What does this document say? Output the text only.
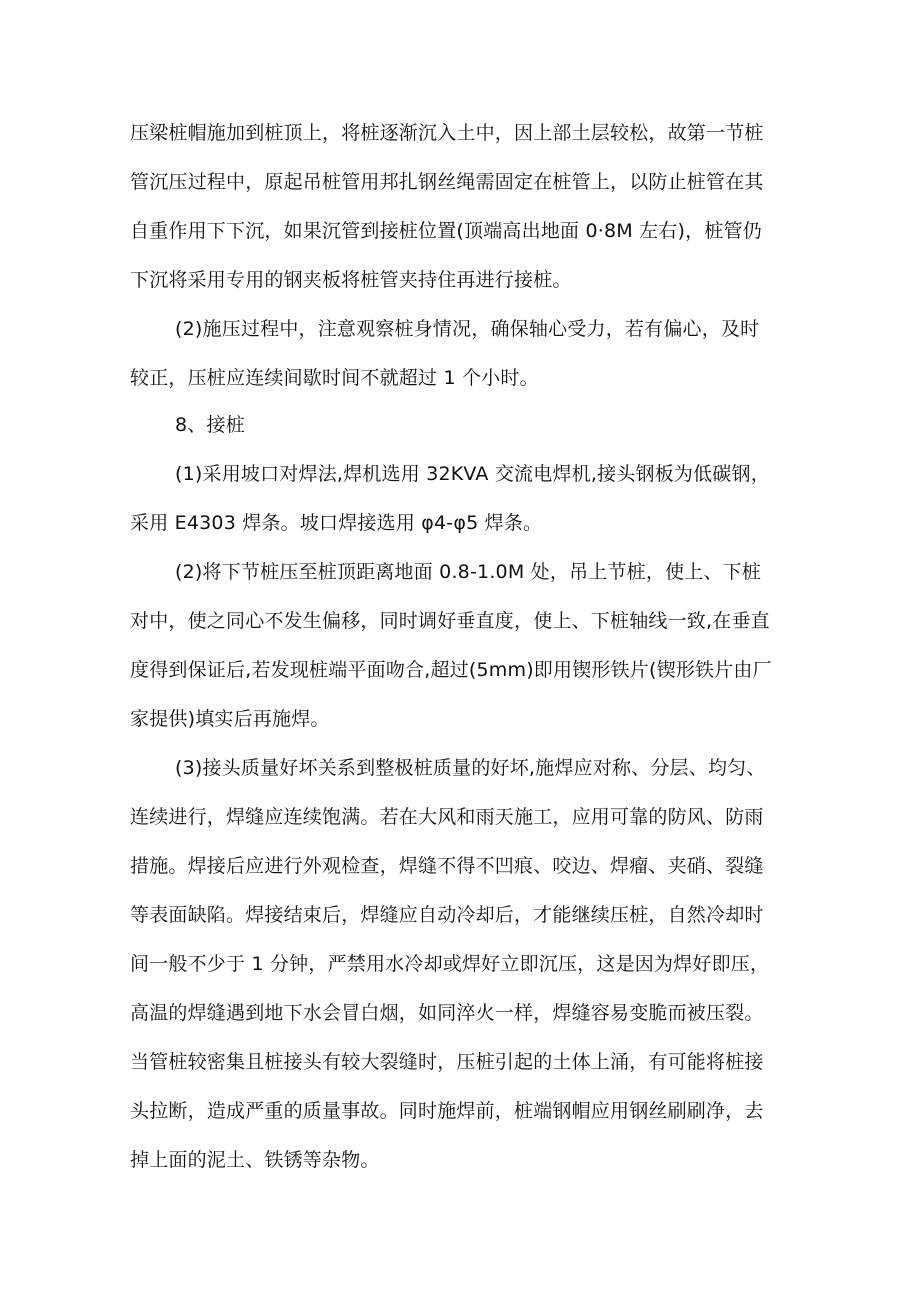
压梁桩帽施加到桩顶上，将桩逐渐沉入土中，因上部土层较松，故第一节桩
管沉压过程中，原起吊桩管用邦扎钢丝绳需固定在桩管上，以防止桩管在其
自重作用下下沉，如果沉管到接桩位置(顶端高出地面 0·8M 左右)，桩管仍
下沉将采用专用的钢夹板将桩管夹持住再进行接桩。
(2)施压过程中，注意观察桩身情况，确保轴心受力，若有偏心，及时
较正，压桩应连续间歇时间不就超过 1 个小时。
8、接桩
(1)采用坡口对焊法,焊机选用 32KVA 交流电焊机,接头钢板为低碳钢，
采用 E4303 焊条。坡口焊接选用 φ4-φ5 焊条。
(2)将下节桩压至桩顶距离地面 0.8-1.0M 处，吊上节桩，使上、下桩
对中，使之同心不发生偏移，同时调好垂直度，使上、下桩轴线一致,在垂直
度得到保证后,若发现桩端平面吻合,超过(5mm)即用锲形铁片(锲形铁片由厂
家提供)填实后再施焊。
(3)接头质量好坏关系到整极桩质量的好坏,施焊应对称、分层、均匀、
连续进行，焊缝应连续饱满。若在大风和雨天施工，应用可靠的防风、防雨
措施。焊接后应进行外观检查，焊缝不得不凹痕、咬边、焊瘤、夹硝、裂缝
等表面缺陷。焊接结束后，焊缝应自动冷却后，才能继续压桩，自然冷却时
间一般不少于 1 分钟，严禁用水冷却或焊好立即沉压，这是因为焊好即压，
高温的焊缝遇到地下水会冒白烟，如同淬火一样，焊缝容易变脆而被压裂。
当管桩较密集且桩接头有较大裂缝时，压桩引起的土体上涌，有可能将桩接
头拉断，造成严重的质量事故。同时施焊前，桩端钢帽应用钢丝刷刷净，去
掉上面的泥土、铁锈等杂物。
